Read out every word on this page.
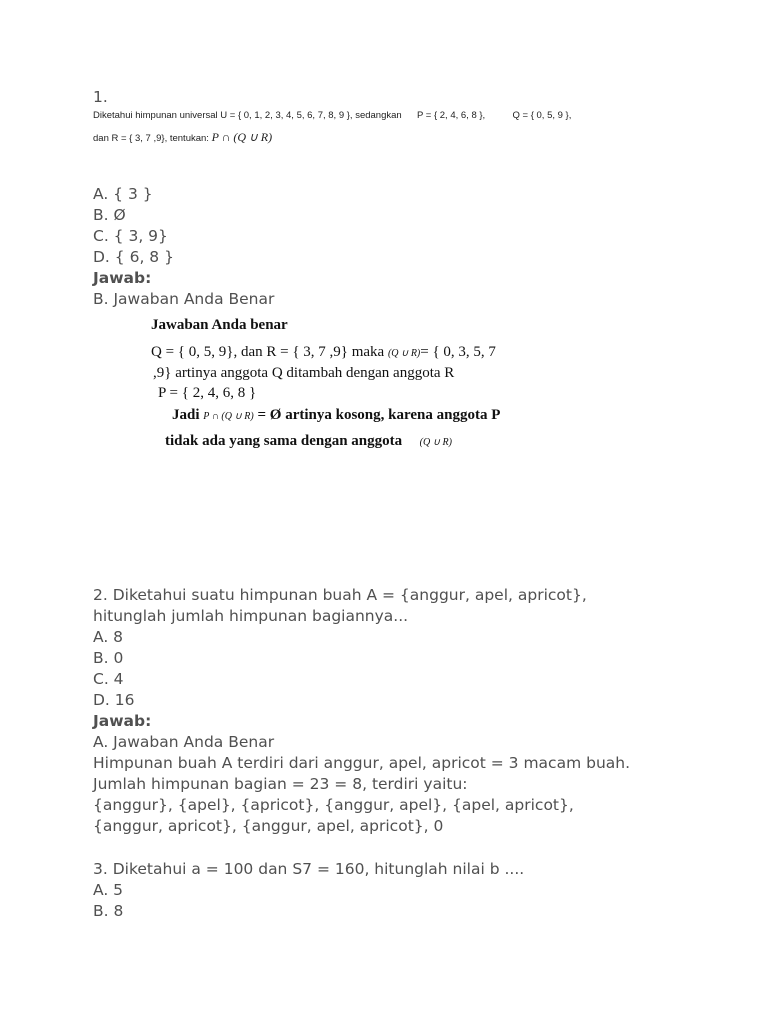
1.
Diketahui himpunan universal U = { 0, 1, 2, 3, 4, 5, 6, 7, 8, 9 }, sedangkan P = { 2, 4, 6, 8 },	Q = { 0, 5, 9 },
dan R = { 3, 7 ,9}, tentukan: P ∩ (Q ∪ R)
A. { 3 }
B. Ø
C. { 3, 9}
D. { 6, 8 }
Jawab:
B. Jawaban Anda Benar
Jawaban Anda benar
Q = { 0, 5, 9}, dan R = { 3, 7 ,9} maka (Q ∪ R)= { 0, 3, 5, 7
,9} artinya anggota Q ditambah dengan anggota R
P = { 2, 4, 6, 8 }
Jadi P ∩ (Q ∪ R) = Ø artinya kosong, karena anggota P
tidak ada yang sama dengan anggota (Q ∪ R)
2. Diketahui suatu himpunan buah A = {anggur, apel, apricot},
hitunglah jumlah himpunan bagiannya...
A. 8
B. 0
C. 4
D. 16
Jawab:
A. Jawaban Anda Benar
Himpunan buah A terdiri dari anggur, apel, apricot = 3 macam buah.
Jumlah himpunan bagian = 23 = 8, terdiri yaitu:
{anggur}, {apel}, {apricot}, {anggur, apel}, {apel, apricot},
{anggur, apricot}, {anggur, apel, apricot}, 0
3. Diketahui a = 100 dan S7 = 160, hitunglah nilai b ....
A. 5
B. 8
